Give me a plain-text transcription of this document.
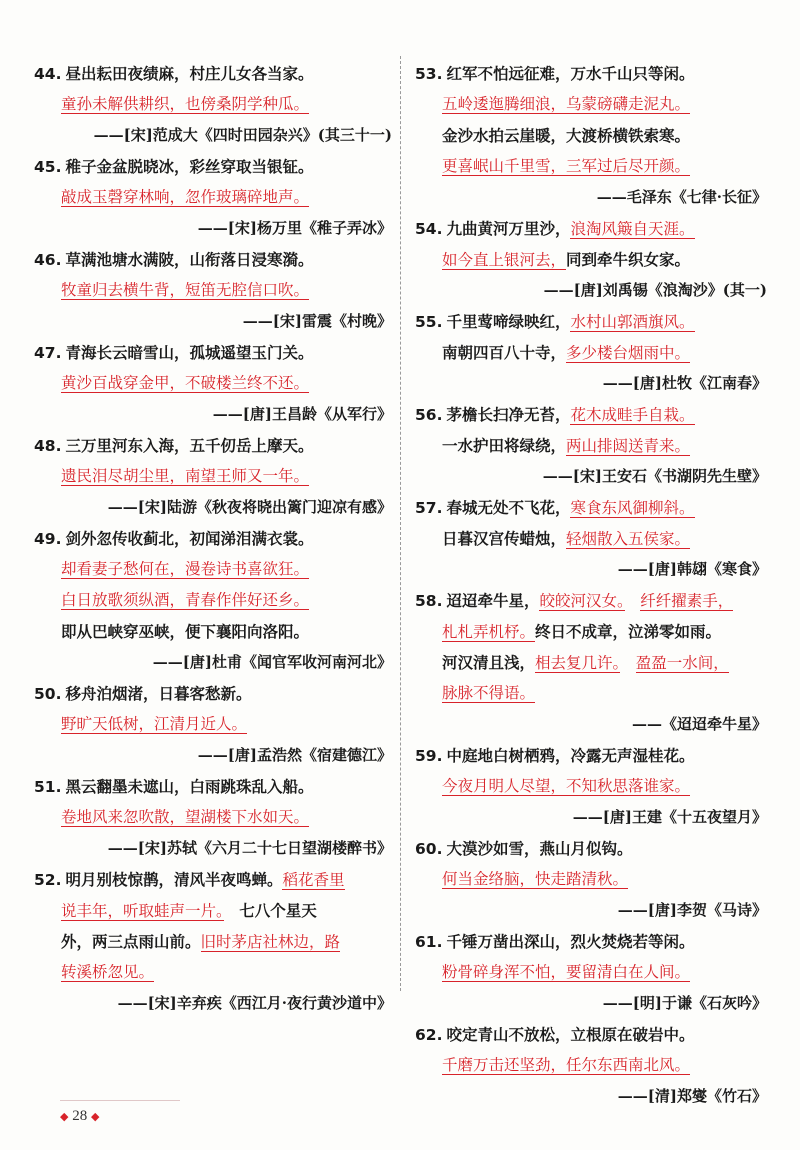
44. 昼出耘田夜绩麻，村庄儿女各当家。
童孙未解供耕织，也傍桑阴学种瓜。
——[宋]范成大《四时田园杂兴》(其三十一)
45. 稚子金盆脱晓冰，彩丝穿取当银钲。
敲成玉磬穿林响，忽作玻璃碎地声。
——[宋]杨万里《稚子弄冰》
46. 草满池塘水满陂，山衔落日浸寒漪。
牧童归去横牛背，短笛无腔信口吹。
——[宋]雷震《村晚》
47. 青海长云暗雪山，孤城遥望玉门关。
黄沙百战穿金甲，不破楼兰终不还。
——[唐]王昌龄《从军行》
48. 三万里河东入海，五千仞岳上摩天。
遗民泪尽胡尘里，南望王师又一年。
——[宋]陆游《秋夜将晓出篱门迎凉有感》
49. 剑外忽传收蓟北，初闻涕泪满衣裳。
却看妻子愁何在，漫卷诗书喜欲狂。
白日放歌须纵酒，青春作伴好还乡。
即从巴峡穿巫峡，便下襄阳向洛阳。
——[唐]杜甫《闻官军收河南河北》
50. 移舟泊烟渚，日暮客愁新。
野旷天低树，江清月近人。
——[唐]孟浩然《宿建德江》
51. 黑云翻墨未遮山，白雨跳珠乱入船。
卷地风来忽吹散，望湖楼下水如天。
——[宋]苏轼《六月二十七日望湖楼醉书》
52. 明月别枝惊鹊，清风半夜鸣蝉。稻花香里
说丰年，听取蛙声一片。　七八个星天
外，两三点雨山前。旧时茅店社林边，路
转溪桥忽见。
——[宋]辛弃疾《西江月·夜行黄沙道中》
53. 红军不怕远征难，万水千山只等闲。
五岭逶迤腾细浪，乌蒙磅礴走泥丸。
金沙水拍云崖暖，大渡桥横铁索寒。
更喜岷山千里雪，三军过后尽开颜。
——毛泽东《七律·长征》
54. 九曲黄河万里沙，浪淘风簸自天涯。
如今直上银河去，同到牵牛织女家。
——[唐]刘禹锡《浪淘沙》(其一)
55. 千里莺啼绿映红，水村山郭酒旗风。
南朝四百八十寺，多少楼台烟雨中。
——[唐]杜牧《江南春》
56. 茅檐长扫净无苔，花木成畦手自栽。
一水护田将绿绕，两山排闼送青来。
——[宋]王安石《书湖阴先生壁》
57. 春城无处不飞花，寒食东风御柳斜。
日暮汉宫传蜡烛，轻烟散入五侯家。
——[唐]韩翃《寒食》
58. 迢迢牵牛星，皎皎河汉女。　 纤纤擢素手，
札札弄机杼。终日不成章，泣涕零如雨。
河汉清且浅，相去复几许。　 盈盈一水间，
脉脉不得语。
——《迢迢牵牛星》
59. 中庭地白树栖鸦，冷露无声湿桂花。
今夜月明人尽望，不知秋思落谁家。
——[唐]王建《十五夜望月》
60. 大漠沙如雪，燕山月似钩。
何当金络脑，快走踏清秋。
——[唐]李贺《马诗》
61. 千锤万凿出深山，烈火焚烧若等闲。
粉骨碎身浑不怕，要留清白在人间。
——[明]于谦《石灰吟》
62. 咬定青山不放松，立根原在破岩中。
千磨万击还坚劲，任尔东西南北风。
——[清]郑燮《竹石》
◆ 28 ◆
